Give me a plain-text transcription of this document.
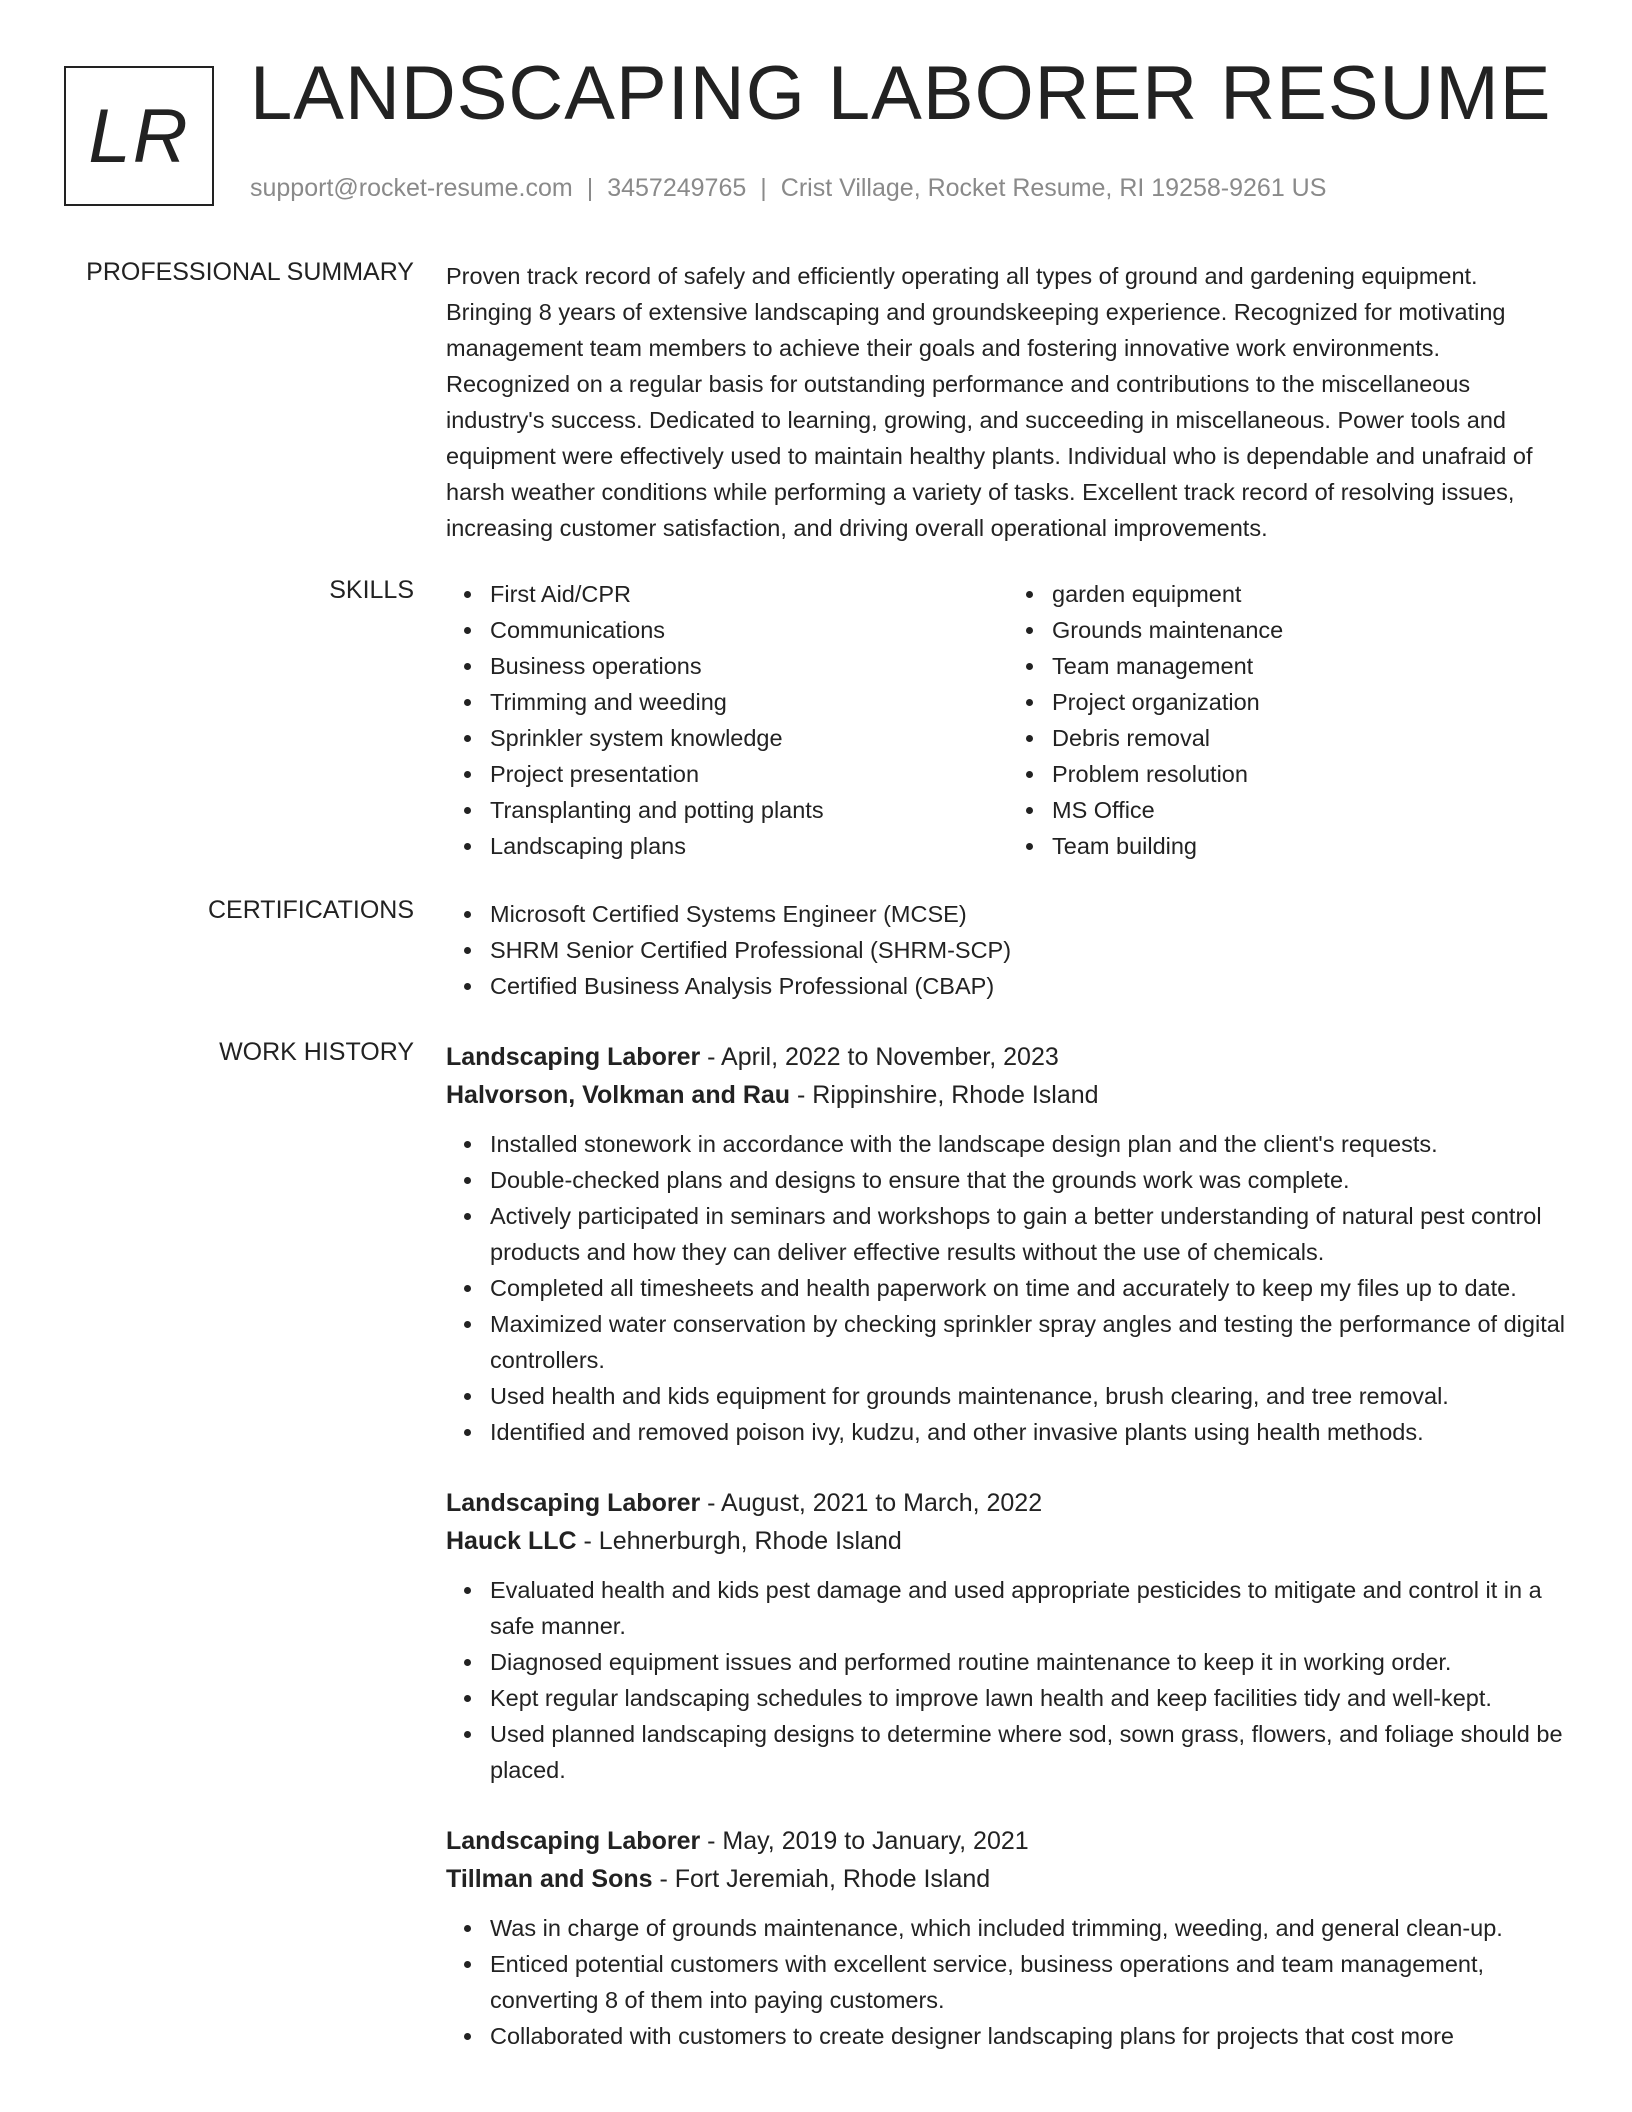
LR LANDSCAPING LABORER RESUME
support@rocket-resume.com | 3457249765 | Crist Village, Rocket Resume, RI 19258-9261 US
PROFESSIONAL SUMMARY Proven track record of safely and efficiently operating all types of ground and gardening equipment. Bringing 8 years of extensive landscaping and groundskeeping experience. Recognized for motivating management team members to achieve their goals and fostering innovative work environments. Recognized on a regular basis for outstanding performance and contributions to the miscellaneous industry's success. Dedicated to learning, growing, and succeeding in miscellaneous. Power tools and equipment were effectively used to maintain healthy plants. Individual who is dependable and unafraid of harsh weather conditions while performing a variety of tasks. Excellent track record of resolving issues, increasing customer satisfaction, and driving overall operational improvements.

SKILLS	First Aid/CPR
Communications
Business operations
Trimming and weeding
Sprinkler system knowledge
Project presentation
Transplanting and potting plants
Landscaping plans
garden equipment
Grounds maintenance
Team management
Project organization
Debris removal
Problem resolution
MS Office
Team building
CERTIFICATIONS	Microsoft Certified Systems Engineer (MCSE)
SHRM Senior Certified Professional (SHRM-SCP)
Certified Business Analysis Professional (CBAP)
WORK HISTORY Landscaping Laborer - April, 2022 to November, 2023
Halvorson, Volkman and Rau - Rippinshire, Rhode Island
Installed stonework in accordance with the landscape design plan and the client's requests.
Double-checked plans and designs to ensure that the grounds work was complete.
Actively participated in seminars and workshops to gain a better understanding of natural pest control products and how they can deliver effective results without the use of chemicals.
Completed all timesheets and health paperwork on time and accurately to keep my files up to date.
Maximized water conservation by checking sprinkler spray angles and testing the performance of digital controllers.
Used health and kids equipment for grounds maintenance, brush clearing, and tree removal.
Identified and removed poison ivy, kudzu, and other invasive plants using health methods.
Landscaping Laborer - August, 2021 to March, 2022
Hauck LLC - Lehnerburgh, Rhode Island
Evaluated health and kids pest damage and used appropriate pesticides to mitigate and control it in a safe manner.
Diagnosed equipment issues and performed routine maintenance to keep it in working order.
Kept regular landscaping schedules to improve lawn health and keep facilities tidy and well-kept.
Used planned landscaping designs to determine where sod, sown grass, flowers, and foliage should be placed.
Landscaping Laborer - May, 2019 to January, 2021
Tillman and Sons - Fort Jeremiah, Rhode Island
Was in charge of grounds maintenance, which included trimming, weeding, and general clean-up.
Enticed potential customers with excellent service, business operations and team management, converting 8 of them into paying customers.
Collaborated with customers to create designer landscaping plans for projects that cost more
